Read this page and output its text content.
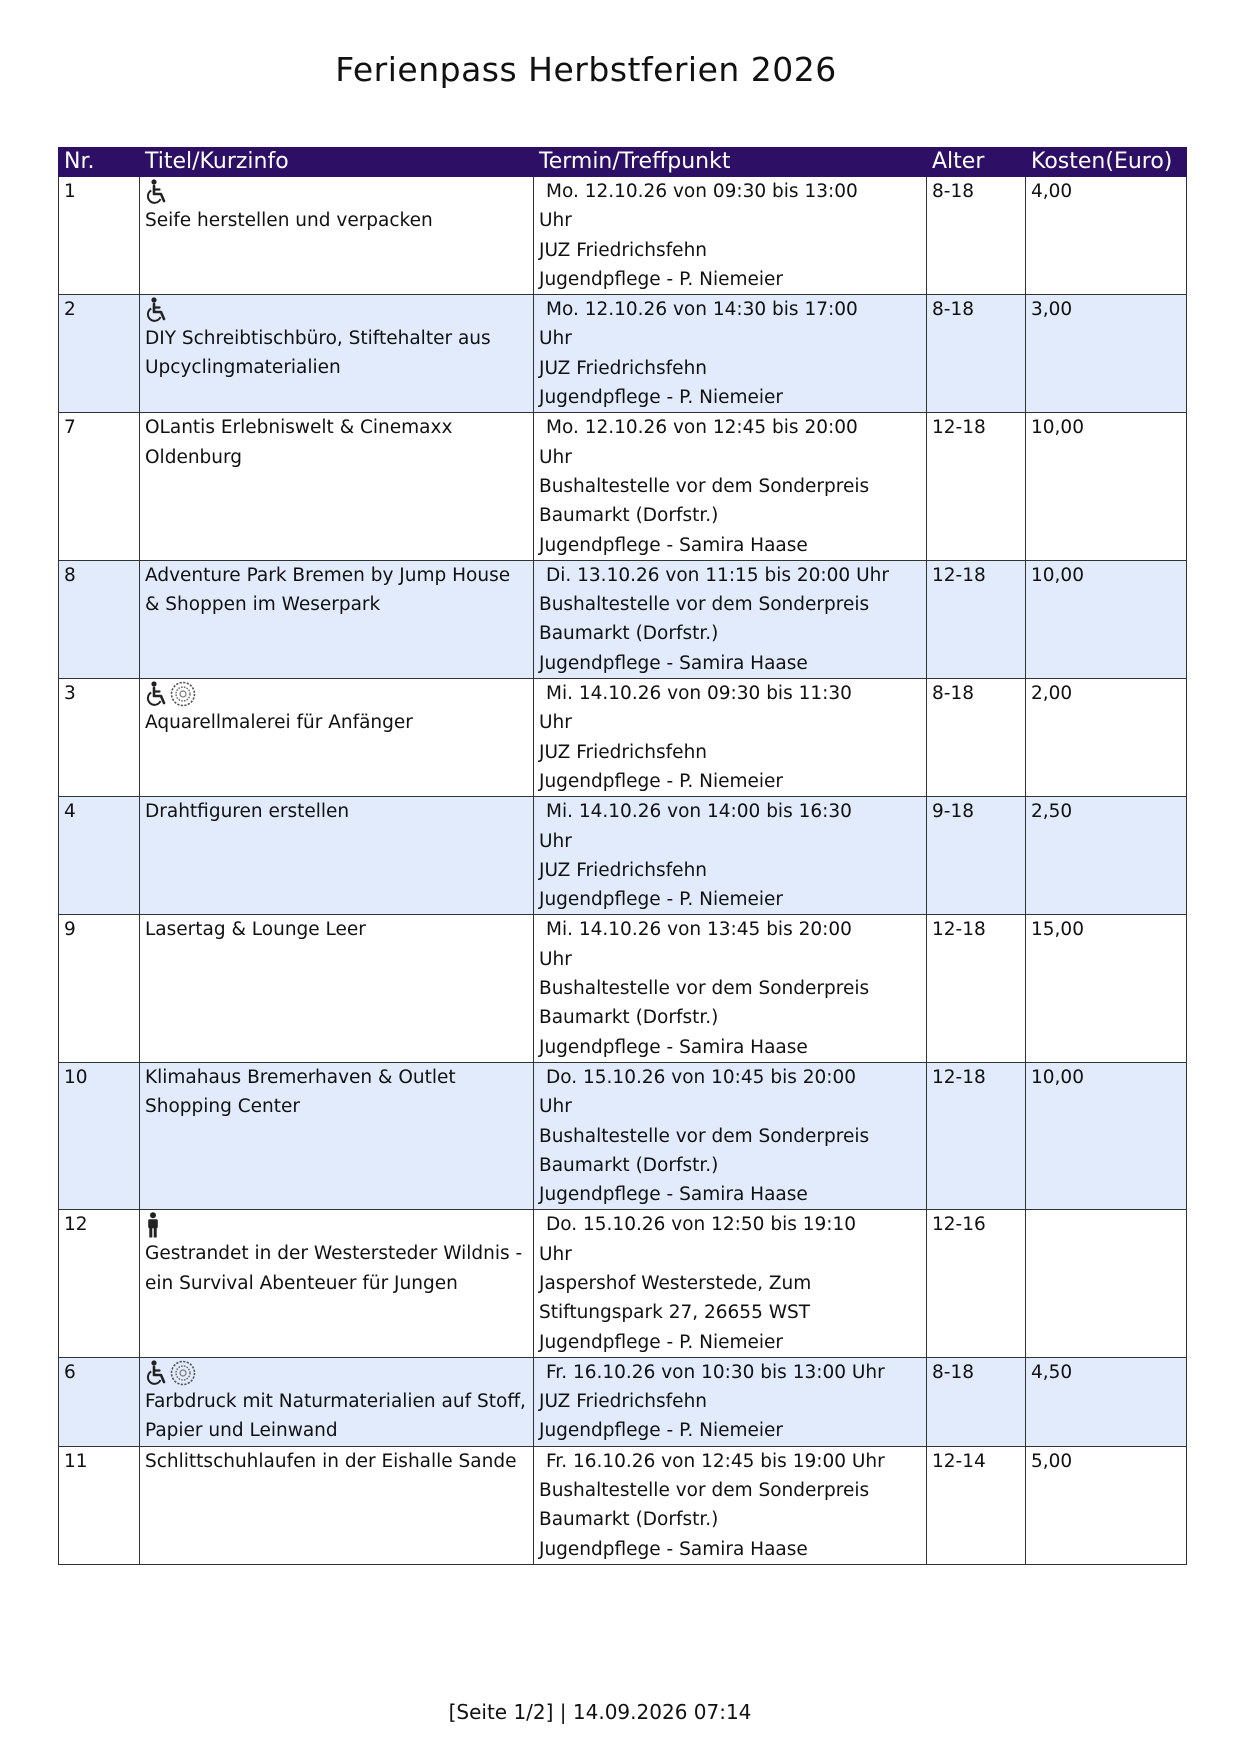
Ferienpass Herbstferien 2026
Nr.	Titel/Kurzinfo	Termin/Treffpunkt	Alter	Kosten(Euro)
1	Seife herstellen und verpacken	Mo. 12.10.26 von 09:30 bis 13:00
Uhr
JUZ Friedrichsfehn
Jugendpflege - P. Niemeier	8-18	4,00
2	DIY Schreibtischbüro, Stiftehalter aus Upcyclingmaterialien	Mo. 12.10.26 von 14:30 bis 17:00
Uhr
JUZ Friedrichsfehn
Jugendpflege - P. Niemeier	8-18	3,00
7	OLantis Erlebniswelt & Cinemaxx Oldenburg	Mo. 12.10.26 von 12:45 bis 20:00
Uhr
Bushaltestelle vor dem Sonderpreis
Baumarkt (Dorfstr.)
Jugendpflege - Samira Haase	12-18	10,00
8	Adventure Park Bremen by Jump House & Shoppen im Weserpark	Di. 13.10.26 von 11:15 bis 20:00 Uhr
Bushaltestelle vor dem Sonderpreis
Baumarkt (Dorfstr.)
Jugendpflege - Samira Haase	12-18	10,00
3	Aquarellmalerei für Anfänger	Mi. 14.10.26 von 09:30 bis 11:30
Uhr
JUZ Friedrichsfehn
Jugendpflege - P. Niemeier	8-18	2,00
4	Drahtfiguren erstellen	Mi. 14.10.26 von 14:00 bis 16:30
Uhr
JUZ Friedrichsfehn
Jugendpflege - P. Niemeier	9-18	2,50
9	Lasertag & Lounge Leer	Mi. 14.10.26 von 13:45 bis 20:00
Uhr
Bushaltestelle vor dem Sonderpreis
Baumarkt (Dorfstr.)
Jugendpflege - Samira Haase	12-18	15,00
10	Klimahaus Bremerhaven & Outlet Shopping Center	Do. 15.10.26 von 10:45 bis 20:00
Uhr
Bushaltestelle vor dem Sonderpreis
Baumarkt (Dorfstr.)
Jugendpflege - Samira Haase	12-18	10,00
12	Gestrandet in der Westersteder Wildnis - ein Survival Abenteuer für Jungen	Do. 15.10.26 von 12:50 bis 19:10
Uhr
Jaspershof Westerstede, Zum
Stiftungspark 27, 26655 WST
Jugendpflege - P. Niemeier	12-16	
6	Farbdruck mit Naturmaterialien auf Stoff, Papier und Leinwand	Fr. 16.10.26 von 10:30 bis 13:00 Uhr
JUZ Friedrichsfehn
Jugendpflege - P. Niemeier	8-18	4,50
11	Schlittschuhlaufen in der Eishalle Sande	Fr. 16.10.26 von 12:45 bis 19:00 Uhr
Bushaltestelle vor dem Sonderpreis
Baumarkt (Dorfstr.)
Jugendpflege - Samira Haase	12-14	5,00
[Seite 1/2] | 14.09.2026 07:14
